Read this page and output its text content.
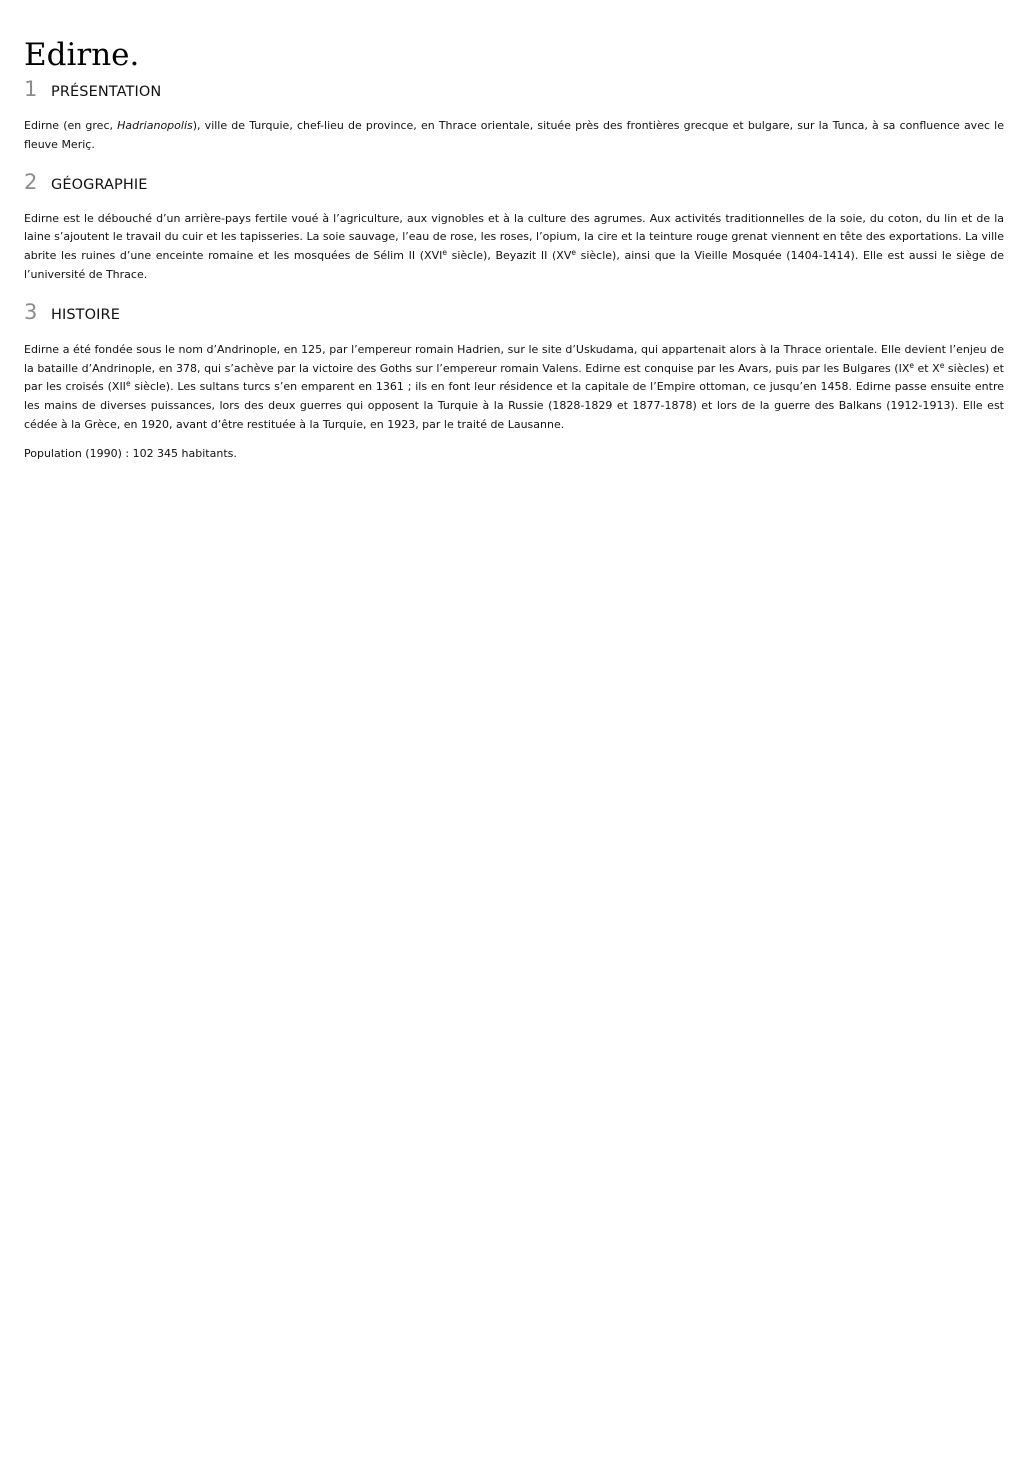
Edirne.
1 PRÉSENTATION

Edirne (en grec, Hadrianopolis), ville de Turquie, chef-lieu de province, en Thrace orientale, située près des frontières grecque et bulgare, sur la Tunca, à sa confluence avec le fleuve Meriç.

2 GÉOGRAPHIE

Edirne est le débouché d’un arrière-pays fertile voué à l’agriculture, aux vignobles et à la culture des agrumes. Aux activités traditionnelles de la soie, du coton, du lin et de la laine s’ajoutent le travail du cuir et les tapisseries. La soie sauvage, l’eau de rose, les roses, l’opium, la cire et la teinture rouge grenat viennent en tête des exportations. La ville abrite les ruines d’une enceinte romaine et les mosquées de Sélim II (XVIe siècle), Beyazit II (XVe siècle), ainsi que la Vieille Mosquée (1404-1414). Elle est aussi le siège de l’université de Thrace.

3 HISTOIRE

Edirne a été fondée sous le nom d’Andrinople, en 125, par l’empereur romain Hadrien, sur le site d’Uskudama, qui appartenait alors à la Thrace orientale. Elle devient l’enjeu de la bataille d’Andrinople, en 378, qui s’achève par la victoire des Goths sur l’empereur romain Valens. Edirne est conquise par les Avars, puis par les Bulgares (IXe et Xe siècles) et par les croisés (XIIe siècle). Les sultans turcs s’en emparent en 1361 ; ils en font leur résidence et la capitale de l’Empire ottoman, ce jusqu’en 1458. Edirne passe ensuite entre les mains de diverses puissances, lors des deux guerres qui opposent la Turquie à la Russie (1828-1829 et 1877-1878) et lors de la guerre des Balkans (1912-1913). Elle est cédée à la Grèce, en 1920, avant d’être restituée à la Turquie, en 1923, par le traité de Lausanne.

Population (1990) : 102 345 habitants.
